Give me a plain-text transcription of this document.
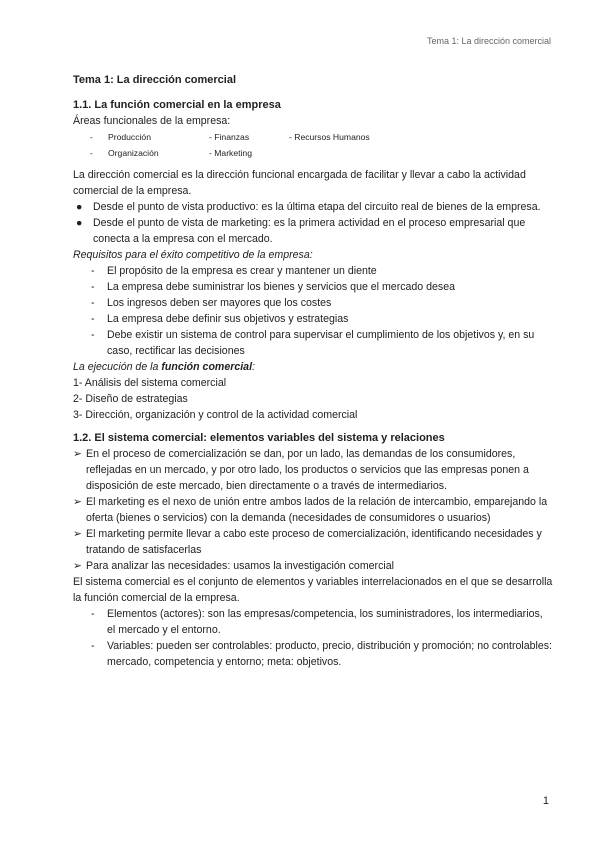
Tema 1: La dirección comercial
Tema 1: La dirección comercial
1.1. La función comercial en la empresa
Áreas funcionales de la empresa:
-	Producción	- Finanzas	- Recursos Humanos
-	Organización	- Marketing
La dirección comercial es la dirección funcional encargada de facilitar y llevar a cabo la actividad comercial de la empresa.
● Desde el punto de vista productivo: es la última etapa del circuito real de bienes de la empresa.
● Desde el punto de vista de marketing: es la primera actividad en el proceso empresarial que conecta a la empresa con el mercado.
Requisitos para el éxito competitivo de la empresa:
- El propósito de la empresa es crear y mantener un diente
- La empresa debe suministrar los bienes y servicios que el mercado desea
- Los ingresos deben ser mayores que los costes
- La empresa debe definir sus objetivos y estrategias
- Debe existir un sistema de control para supervisar el cumplimiento de los objetivos y, en su caso, rectificar las decisiones
La ejecución de la función comercial:
1- Análisis del sistema comercial
2- Diseño de estrategias
3- Dirección, organización y control de la actividad comercial
1.2. El sistema comercial: elementos variables del sistema y relaciones
➢ En el proceso de comercialización se dan, por un lado, las demandas de los consumidores, reflejadas en un mercado, y por otro lado, los productos o servicios que las empresas ponen a disposición de este mercado, bien directamente o a través de intermediarios.
➢ El marketing es el nexo de unión entre ambos lados de la relación de intercambio, emparejando la oferta (bienes o servicios) con la demanda (necesidades de consumidores o usuarios)
➢ El marketing permite llevar a cabo este proceso de comercialización, identificando necesidades y tratando de satisfacerlas
➢ Para analizar las necesidades: usamos la investigación comercial
El sistema comercial es el conjunto de elementos y variables interrelacionados en el que se desarrolla la función comercial de la empresa.
- Elementos (actores): son las empresas/competencia, los suministradores, los intermediarios, el mercado y el entorno.
- Variables: pueden ser controlables: producto, precio, distribución y promoción; no controlables: mercado, competencia y entorno; meta: objetivos.
1
